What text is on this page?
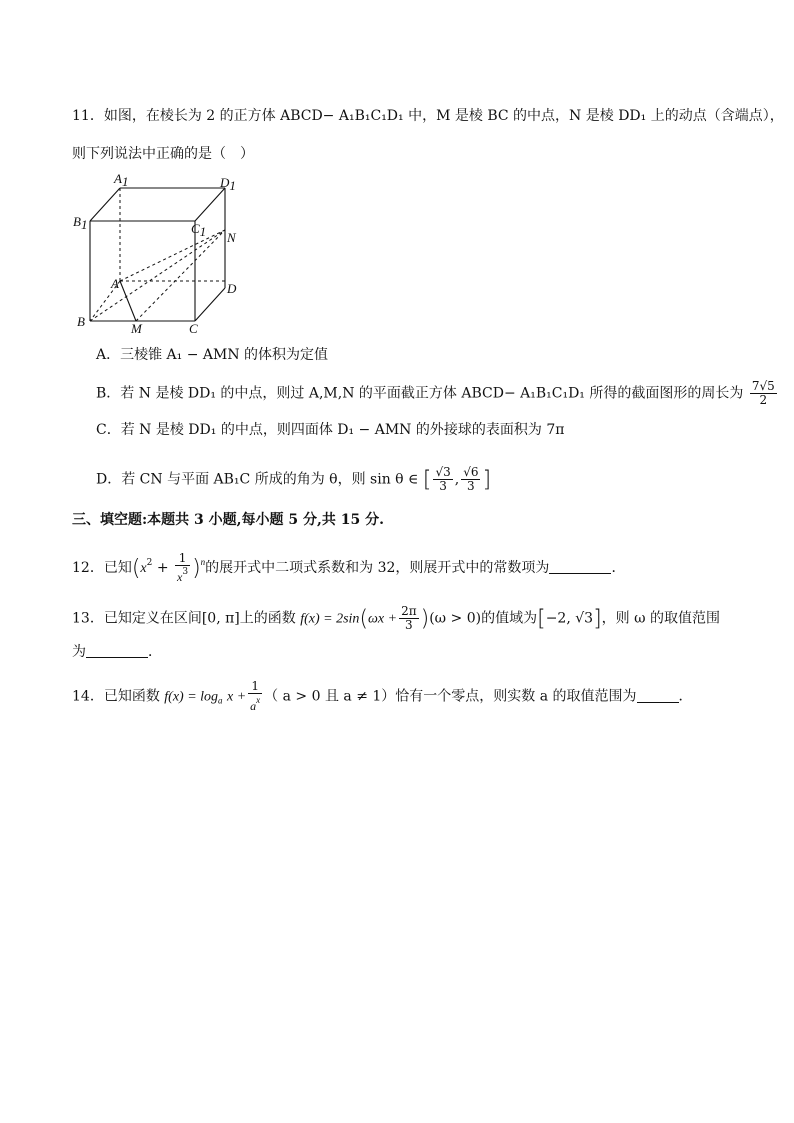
11．如图，在棱长为 2 的正方体 ABCD− A₁B₁C₁D₁ 中，M 是棱 BC 的中点，N 是棱 DD₁ 上的动点（含端点），
则下列说法中正确的是（　）
A1	D1
B1	C1 N
A	D
B	M	C
A．三棱锥 A₁ − AMN 的体积为定值
B．若 N 是棱 DD₁ 的中点，则过 A,M,N 的平面截正方体 ABCD− A₁B₁C₁D₁ 所得的截面图形的周长为 $\frac{7√5}{2}$
C．若 N 是棱 DD₁ 的中点，则四面体 D₁ − AMN 的外接球的表面积为 7π
D．若 CN 与平面 AB₁C 所成的角为 θ，则 sin θ ∈ [ $\frac{√3}{3}$ , $\frac{√6}{3}$ ]
三、填空题:本题共 3 小题,每小题 5 分,共 15 分.
12．已知$(x^2 + \frac{1}{x^3} )^n$的展开式中二项式系数和为 32，则展开式中的常数项为	．
13．已知定义在区间[0, π]上的函数 $f(x) = 2\sin(\omega x + \frac{2\pi}{3} )(\omega > 0)$的值域为[−2, √3]，则 ω 的取值范围
为	．
14．已知函数 $f(x) = \log_a x + \frac{1}{a^x}$ （ a > 0 且 a ≠ 1）恰有一个零点，则实数 a 的取值范围为	．
